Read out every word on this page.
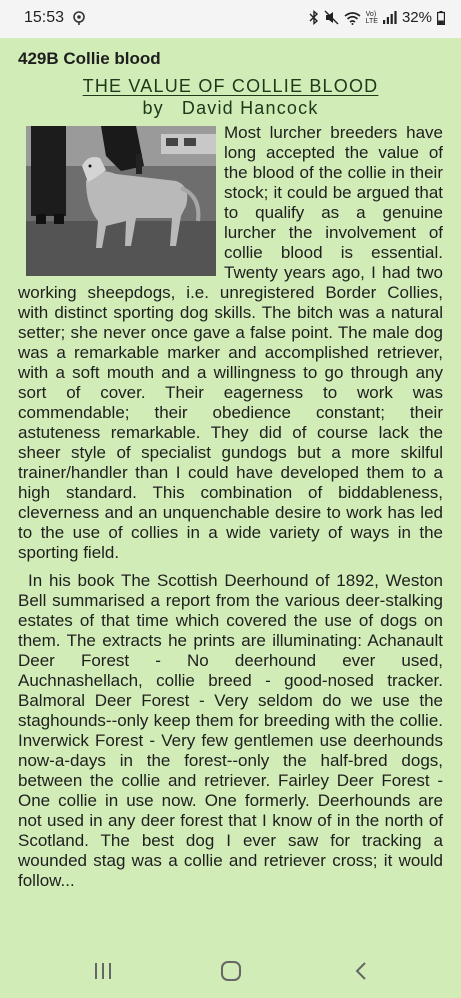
15:53	Vo)
LTE 32%
429B Collie blood
THE VALUE OF COLLIE BLOOD
by David Hancock

Most lurcher breeders have long accepted the value of the blood of the collie in their stock; it could be argued that to qualify as a genuine lurcher the involvement of collie blood is essential. Twenty years ago, I had two working sheepdogs, i.e. unregistered Border Collies, with distinct sporting dog skills. The bitch was a natural setter; she never once gave a false point. The male dog was a remarkable marker and accomplished retriever, with a soft mouth and a willingness to go through any sort of cover. Their eagerness to work was commendable; their obedience constant; their astuteness remarkable. They did of course lack the sheer style of specialist gundogs but a more skilful trainer/handler than I could have developed them to a high standard. This combination of biddableness, cleverness and an unquenchable desire to work has led to the use of collies in a wide variety of ways in the sporting field.

In his book The Scottish Deerhound of 1892, Weston Bell summarised a report from the various deer-stalking estates of that time which covered the use of dogs on them. The extracts he prints are illuminating: Achanault Deer Forest - No deerhound ever used, Auchnashellach, collie breed - good-nosed tracker. Balmoral Deer Forest - Very seldom do we use the staghounds--only keep them for breeding with the collie. Inverwick Forest - Very few gentlemen use deerhounds now-a-days in the forest--only the half-bred dogs, between the collie and retriever. Fairley Deer Forest - One collie in use now. One formerly. Deerhounds are not used in any deer forest that I know of in the north of Scotland. The best dog I ever saw for tracking a wounded stag was a collie and retriever cross; it would follow...
